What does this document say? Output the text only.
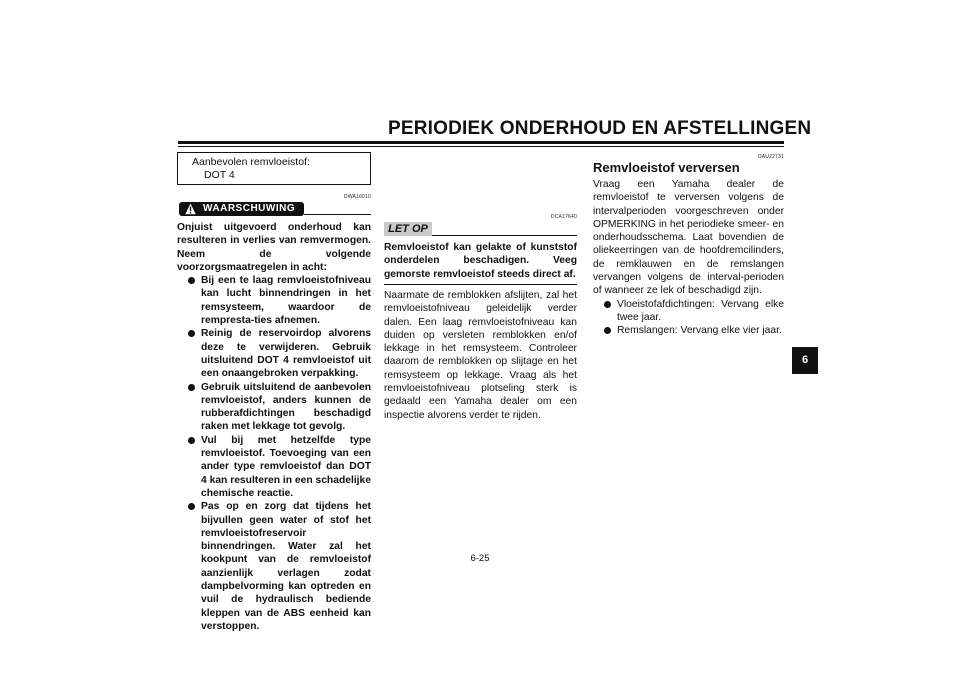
PERIODIEK ONDERHOUD EN AFSTELLINGEN
Aanbevolen remvloeistof:
DOT 4
DWA16010
WAARSCHUWING
Onjuist uitgevoerd onderhoud kan resulteren in verlies van remvermogen. Neem de volgende voorzorgsmaatregelen in acht:
Bij een te laag remvloeistofniveau kan lucht binnendringen in het remsysteem, waardoor de rempresta-ties afnemen.
Reinig de reservoirdop alvorens deze te verwijderen. Gebruik uitsluitend DOT 4 remvloeistof uit een onaangebroken verpakking.
Gebruik uitsluitend de aanbevolen remvloeistof, anders kunnen de rubberafdichtingen beschadigd raken met lekkage tot gevolg.
Vul bij met hetzelfde type remvloeistof. Toevoeging van een ander type remvloeistof dan DOT 4 kan resulteren in een schadelijke chemische reactie.
Pas op en zorg dat tijdens het bijvullen geen water of stof het remvloeistofreservoir binnendringen. Water zal het kookpunt van de remvloeistof aanzienlijk verlagen zodat dampbelvorming kan optreden en vuil de hydraulisch bediende kleppen van de ABS eenheid kan verstoppen.
DCA17640
LET OP
Remvloeistof kan gelakte of kunststof onderdelen beschadigen. Veeg gemorste remvloeistof steeds direct af.
Naarmate de remblokken afslijten, zal het remvloeistofniveau geleidelijk verder dalen. Een laag remvloeistofniveau kan duiden op versleten remblokken en/of lekkage in het remsysteem. Controleer daarom de remblokken op slijtage en het remsysteem op lekkage. Vraag als het remvloeistofniveau plotseling sterk is gedaald een Yamaha dealer om een inspectie alvorens verder te rijden.
DAU22731
Remvloeistof verversen
Vraag een Yamaha dealer de remvloeistof te verversen volgens de intervalperioden voorgeschreven onder OPMERKING in het periodieke smeer- en onderhoudsschema. Laat bovendien de oliekeerringen van de hoofdremcilinders, de remklauwen en de remslangen vervangen volgens de interval-perioden of wanneer ze lek of beschadigd zijn.
Vloeistofafdichtingen: Vervang elke twee jaar.
Remslangen: Vervang elke vier jaar.
6
6-25
